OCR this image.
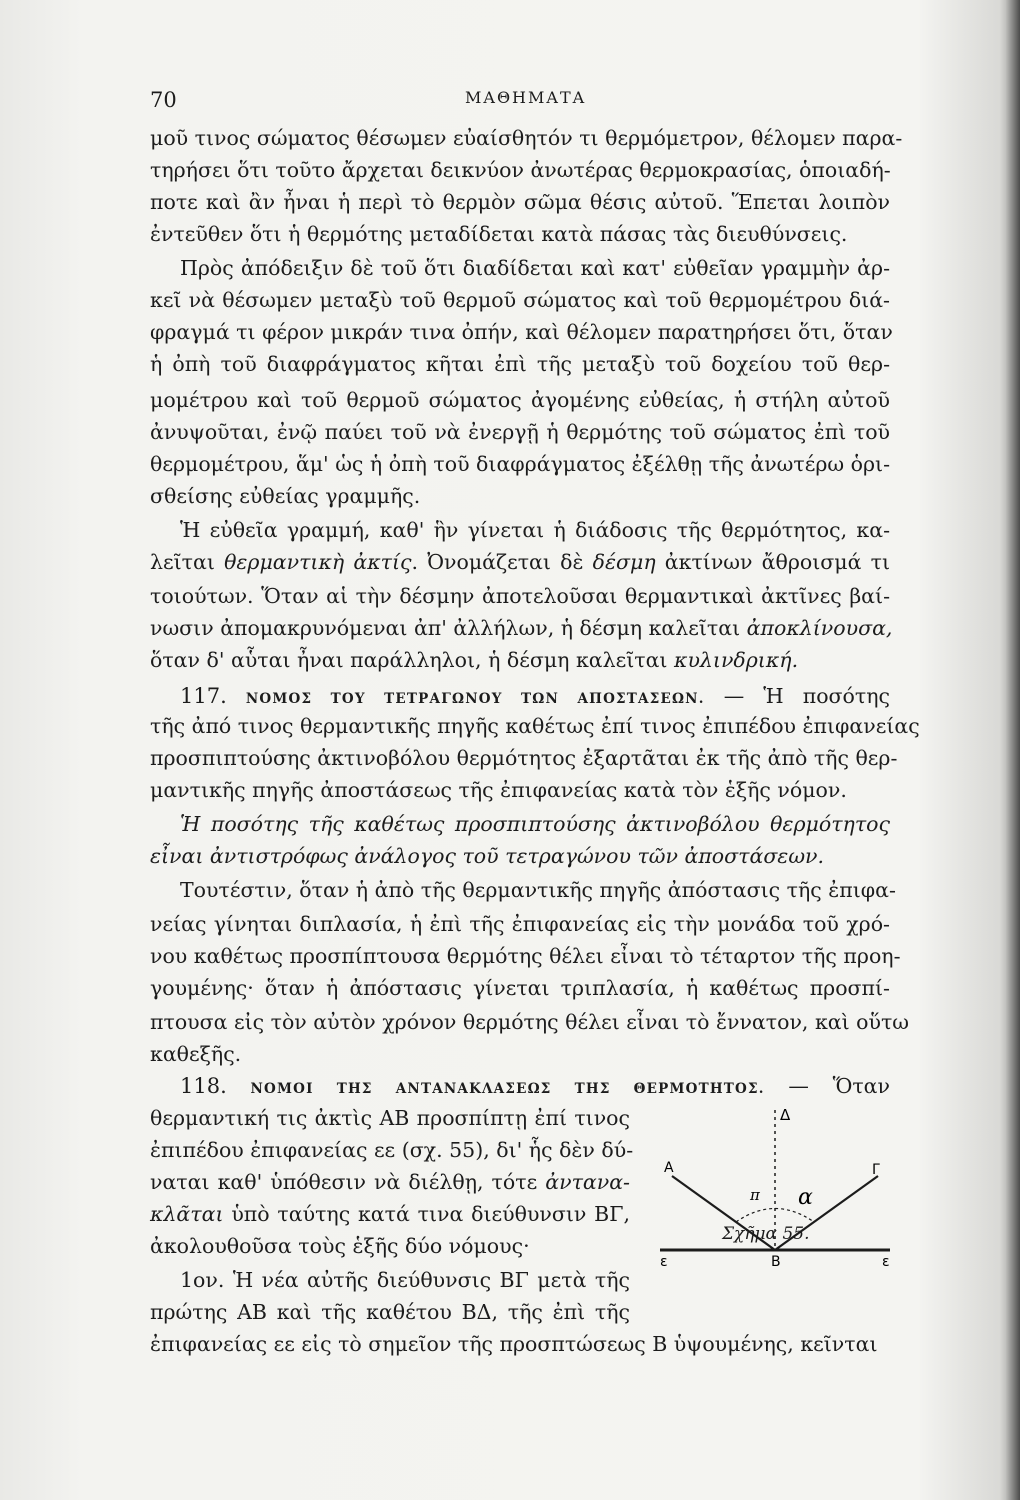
70	ΜΑΘΗΜΑΤΑ
μοῦ τινος σώματος θέσωμεν εὐαίσθητόν τι θερμόμετρον, θέλομεν παρα-
τηρήσει ὅτι τοῦτο ἄρχεται δεικνύον ἀνωτέρας θερμοκρασίας, ὁποιαδή-
ποτε καὶ ἂν ἦναι ἡ περὶ τὸ θερμὸν σῶμα θέσις αὐτοῦ. Ἕπεται λοιπὸν
ἐντεῦθεν ὅτι ἡ θερμότης μεταδίδεται κατὰ πάσας τὰς διευθύνσεις.
Πρὸς ἀπόδειξιν δὲ τοῦ ὅτι διαδίδεται καὶ κατ' εὐθεῖαν γραμμὴν ἀρ-
κεῖ νὰ θέσωμεν μεταξὺ τοῦ θερμοῦ σώματος καὶ τοῦ θερμομέτρου διά-
φραγμά τι φέρον μικράν τινα ὀπήν, καὶ θέλομεν παρατηρήσει ὅτι, ὅταν
ἡ ὀπὴ τοῦ διαφράγματος κῆται ἐπὶ τῆς μεταξὺ τοῦ δοχείου τοῦ θερ-
μομέτρου καὶ τοῦ θερμοῦ σώματος ἀγομένης εὐθείας, ἡ στήλη αὐτοῦ
ἀνυψοῦται, ἐνῷ παύει τοῦ νὰ ἐνεργῇ ἡ θερμότης τοῦ σώματος ἐπὶ τοῦ
θερμομέτρου, ἅμ' ὡς ἡ ὀπὴ τοῦ διαφράγματος ἐξέλθῃ τῆς ἀνωτέρω ὁρι-
σθείσης εὐθείας γραμμῆς.
Ἡ εὐθεῖα γραμμή, καθ' ἣν γίνεται ἡ διάδοσις τῆς θερμότητος, κα-
λεῖται θερμαντικὴ ἀκτίς. Ὀνομάζεται δὲ δέσμη ἀκτίνων ἄθροισμά τι
τοιούτων. Ὅταν αἱ τὴν δέσμην ἀποτελοῦσαι θερμαντικαὶ ἀκτῖνες βαί-
νωσιν ἀπομακρυνόμεναι ἀπ' ἀλλήλων, ἡ δέσμη καλεῖται ἀποκλίνουσα,
ὅταν δ' αὗται ἦναι παράλληλοι, ἡ δέσμη καλεῖται κυλινδρική.
117. ΝΟΜΟΣ ΤΟΥ ΤΕΤΡΑΓΩΝΟΥ ΤΩΝ ΑΠΟΣΤΑΣΕΩΝ. — Ἡ ποσότης
τῆς ἀπό τινος θερμαντικῆς πηγῆς καθέτως ἐπί τινος ἐπιπέδου ἐπιφανείας
προσπιπτούσης ἀκτινοβόλου θερμότητος ἐξαρτᾶται ἐκ τῆς ἀπὸ τῆς θερ-
μαντικῆς πηγῆς ἀποστάσεως τῆς ἐπιφανείας κατὰ τὸν ἑξῆς νόμον.
Ἡ ποσότης τῆς καθέτως προσπιπτούσης ἀκτινοβόλου θερμότητος
εἶναι ἀντιστρόφως ἀνάλογος τοῦ τετραγώνου τῶν ἀποστάσεων.
Τουτέστιν, ὅταν ἡ ἀπὸ τῆς θερμαντικῆς πηγῆς ἀπόστασις τῆς ἐπιφα-
νείας γίνηται διπλασία, ἡ ἐπὶ τῆς ἐπιφανείας εἰς τὴν μονάδα τοῦ χρό-
νου καθέτως προσπίπτουσα θερμότης θέλει εἶναι τὸ τέταρτον τῆς προη-
γουμένης· ὅταν ἡ ἀπόστασις γίνεται τριπλασία, ἡ καθέτως προσπί-
πτουσα εἰς τὸν αὐτὸν χρόνον θερμότης θέλει εἶναι τὸ ἔννατον, καὶ οὕτω
καθεξῆς.
118. ΝΟΜΟΙ ΤΗΣ ΑΝΤΑΝΑΚΛΑΣΕΩΣ ΤΗΣ ΘΕΡΜΟΤΗΤΟΣ. — Ὅταν
θερμαντική τις ἀκτὶς ΑΒ προσπίπτῃ ἐπί τινος
ἐπιπέδου ἐπιφανείας εε (σχ. 55), δι' ἧς δὲν δύ-
ναται καθ' ὑπόθεσιν νὰ διέλθῃ, τότε ἀντανα-
κλᾶται ὑπὸ ταύτης κατά τινα διεύθυνσιν ΒΓ,
ἀκολουθοῦσα τοὺς ἑξῆς δύο νόμους·
1ον. Ἡ νέα αὐτῆς διεύθυνσις ΒΓ μετὰ τῆς
πρώτης ΑΒ καὶ τῆς καθέτου ΒΔ, τῆς ἐπὶ τῆς
ἐπιφανείας εε εἰς τὸ σημεῖον τῆς προσπτώσεως Β ὑψουμένης, κεῖνται
Δ
Α	Γ
Β
ε	ε
π α
Σχῆμα 55.
